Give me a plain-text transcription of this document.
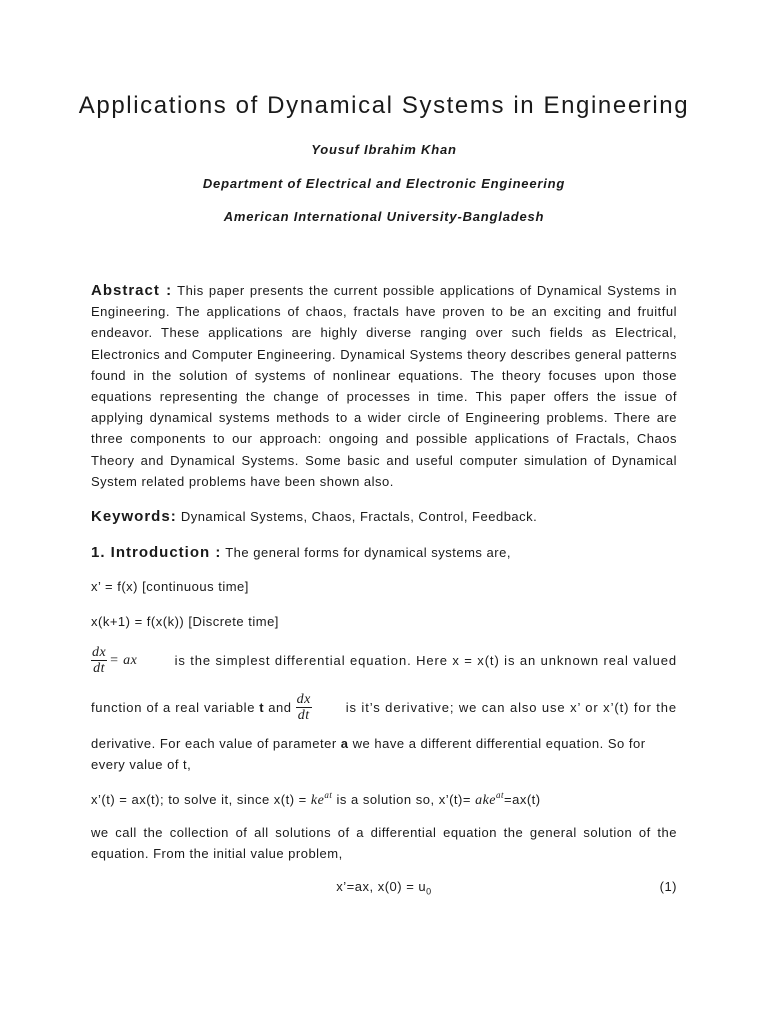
Applications of Dynamical Systems in Engineering

Yousuf Ibrahim Khan

Department of Electrical and Electronic Engineering

American International University-Bangladesh

Abstract : This paper presents the current possible applications of Dynamical Systems in Engineering. The applications of chaos, fractals have proven to be an exciting and fruitful endeavor. These applications are highly diverse ranging over such fields as Electrical, Electronics and Computer Engineering. Dynamical Systems theory describes general patterns found in the solution of systems of nonlinear equations. The theory focuses upon those equations representing the change of processes in time. This paper offers the issue of applying dynamical systems methods to a wider circle of Engineering problems. There are three components to our approach: ongoing and possible applications of Fractals, Chaos Theory and Dynamical Systems. Some basic and useful computer simulation of Dynamical System related problems have been shown also.

Keywords: Dynamical Systems, Chaos, Fractals, Control, Feedback.

1. Introduction : The general forms for dynamical systems are,

x’ = f(x) [continuous time]

x(k+1) = f(x(k)) [Discrete time]

$\frac{dx}{dt}$ = ax	is the simplest differential equation. Here x = x(t) is an unknown real valued

function of a real variable
t
and
$\frac{dx}{dt}$	is it’s derivative; we can also use x’ or x’(t) for the

derivative. For each value of parameter a we have a different differential equation. So for
every value of t,

x’(t) = ax(t); to solve it, since $x(t) = ke^{at}$ is a solution so, x’(t)= ake$^{at}$=ax(t)

we call the collection of all solutions of a differential equation the general solution of the equation. From the initial value problem,

x’=ax, $x(0) = u_0$	(1)
